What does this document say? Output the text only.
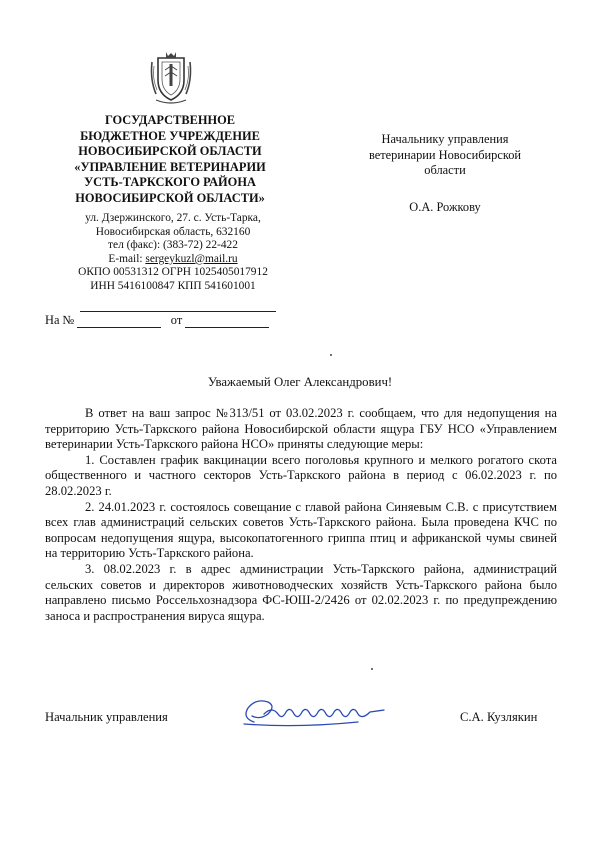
ГОСУДАРСТВЕННОЕ
БЮДЖЕТНОЕ УЧРЕЖДЕНИЕ
НОВОСИБИРСКОЙ ОБЛАСТИ
«УПРАВЛЕНИЕ ВЕТЕРИНАРИИ
УСТЬ-ТАРКСКОГО РАЙОНА
НОВОСИБИРСКОЙ ОБЛАСТИ»
ул. Дзержинского, 27. с. Усть-Тарка,
Новосибирская область, 632160
тел (факс): (383-72) 22-422
E-mail: sergeykuzl@mail.ru
ОКПО 00531312 ОГРН 1025405017912
ИНН 5416100847 КПП 541601001
Начальнику управления
ветеринарии Новосибирской
области
О.А. Рожкову
На №	от
Уважаемый Олег Александрович!

В ответ на ваш запрос №313/51 от 03.02.2023 г. сообщаем, что для недопущения на территорию Усть-Таркского района Новосибирской области ящура ГБУ НСО «Управлением ветеринарии Усть-Таркского района НСО» приняты следующие меры:

1. Составлен график вакцинации всего поголовья крупного и мелкого рогатого скота общественного и частного секторов Усть-Таркского района в период с 06.02.2023 г. по 28.02.2023 г.

2. 24.01.2023 г. состоялось совещание с главой района Синяевым С.В. с присутствием всех глав администраций сельских советов Усть-Таркского района. Была проведена КЧС по вопросам недопущения ящура, высокопатогенного гриппа птиц и африканской чумы свиней на территорию Усть-Таркского района.

3. 08.02.2023 г. в адрес администрации Усть-Таркского района, администраций сельских советов и директоров животноводческих хозяйств Усть-Таркского района было направлено письмо Россельхознадзора ФС-ЮШ-2/2426 от 02.02.2023 г. по предупреждению заноса и распространения вируса ящура.

Начальник управления	С.А. Кузлякин
